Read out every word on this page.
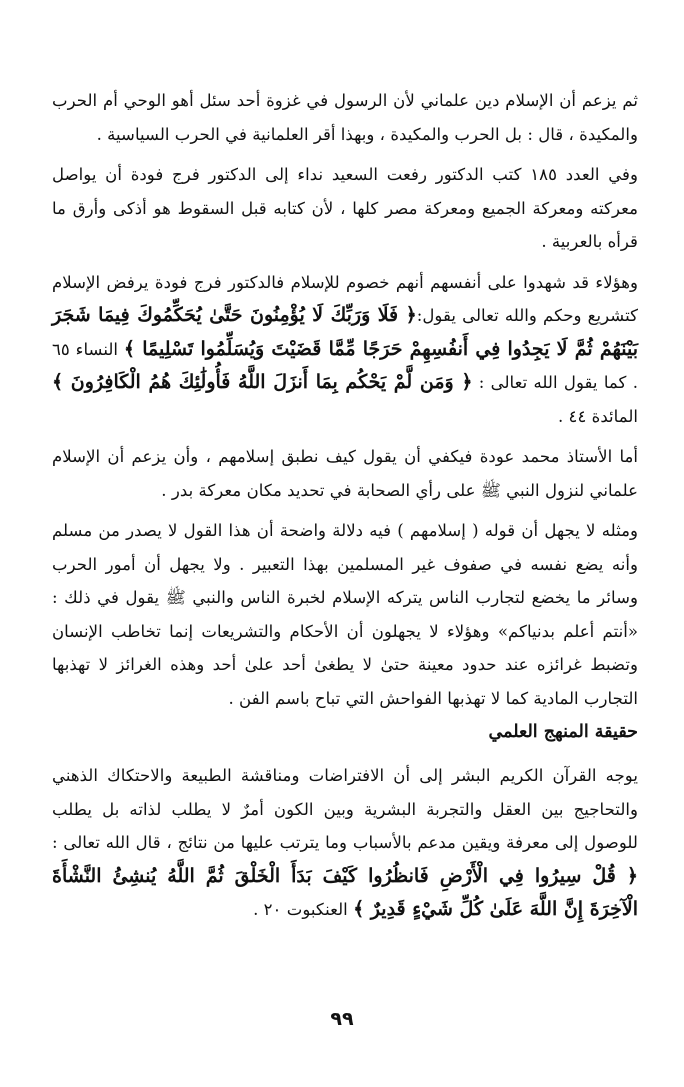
ثم يزعم أن الإسلام دين علماني لأن الرسول في غزوة أحد سئل أهو الوحي أم الحرب والمكيدة ، قال : بل الحرب والمكيدة ، وبهذا أقر العلمانية في الحرب السياسية .

وفي العدد ١٨٥ كتب الدكتور رفعت السعيد نداء إلى الدكتور فرج فودة أن يواصل معركته ومعركة الجميع ومعركة مصر كلها ، لأن كتابه قبل السقوط هو أذكى وأرق ما قرأه بالعربية .

وهؤلاء قد شهدوا على أنفسهم أنهم خصوم للإسلام فالدكتور فرج فودة يرفض الإسلام كتشريع وحكم والله تعالى يقول:﴿ فَلَا وَرَبِّكَ لَا يُؤْمِنُونَ حَتَّىٰ يُحَكِّمُوكَ فِيمَا شَجَرَ بَيْنَهُمْ ثُمَّ لَا يَجِدُوا فِي أَنفُسِهِمْ حَرَجًا مِّمَّا قَضَيْتَ وَيُسَلِّمُوا تَسْلِيمًا ﴾ النساء ٦٥ . كما يقول الله تعالى : ﴿ وَمَن لَّمْ يَحْكُم بِمَا أَنزَلَ اللَّهُ فَأُولَٰئِكَ هُمُ الْكَافِرُونَ ﴾ المائدة ٤٤ .

أما الأستاذ محمد عودة فيكفي أن يقول كيف نطبق إسلامهم ، وأن يزعم أن الإسلام علماني لنزول النبي ﷺ على رأي الصحابة في تحديد مكان معركة بدر .

ومثله لا يجهل أن قوله ( إسلامهم ) فيه دلالة واضحة أن هذا القول لا يصدر من مسلم وأنه يضع نفسه في صفوف غير المسلمين بهذا التعبير . ولا يجهل أن أمور الحرب وسائر ما يخضع لتجارب الناس يتركه الإسلام لخبرة الناس والنبي ﷺ يقول في ذلك : «أنتم أعلم بدنياكم» وهؤلاء لا يجهلون أن الأحكام والتشريعات إنما تخاطب الإنسان وتضبط غرائزه عند حدود معينة حتىٰ لا يطغىٰ أحد علىٰ أحد وهذه الغرائز لا تهذبها التجارب المادية كما لا تهذبها الفواحش التي تباح باسم الفن .

حقيقة المنهج العلمي

يوجه القرآن الكريم البشر إلى أن الافتراضات ومناقشة الطبيعة والاحتكاك الذهني والتحاجيج بين العقل والتجربة البشرية وبين الكون أمرٌ لا يطلب لذاته بل يطلب للوصول إلى معرفة ويقين مدعم بالأسباب وما يترتب عليها من نتائج ، قال الله تعالى : ﴿ قُلْ سِيرُوا فِي الْأَرْضِ فَانظُرُوا كَيْفَ بَدَأَ الْخَلْقَ ثُمَّ اللَّهُ يُنشِئُ النَّشْأَةَ الْآخِرَةَ إِنَّ اللَّهَ عَلَىٰ كُلِّ شَيْءٍ قَدِيرٌ ﴾ العنكبوت ٢٠ .

٩٩
